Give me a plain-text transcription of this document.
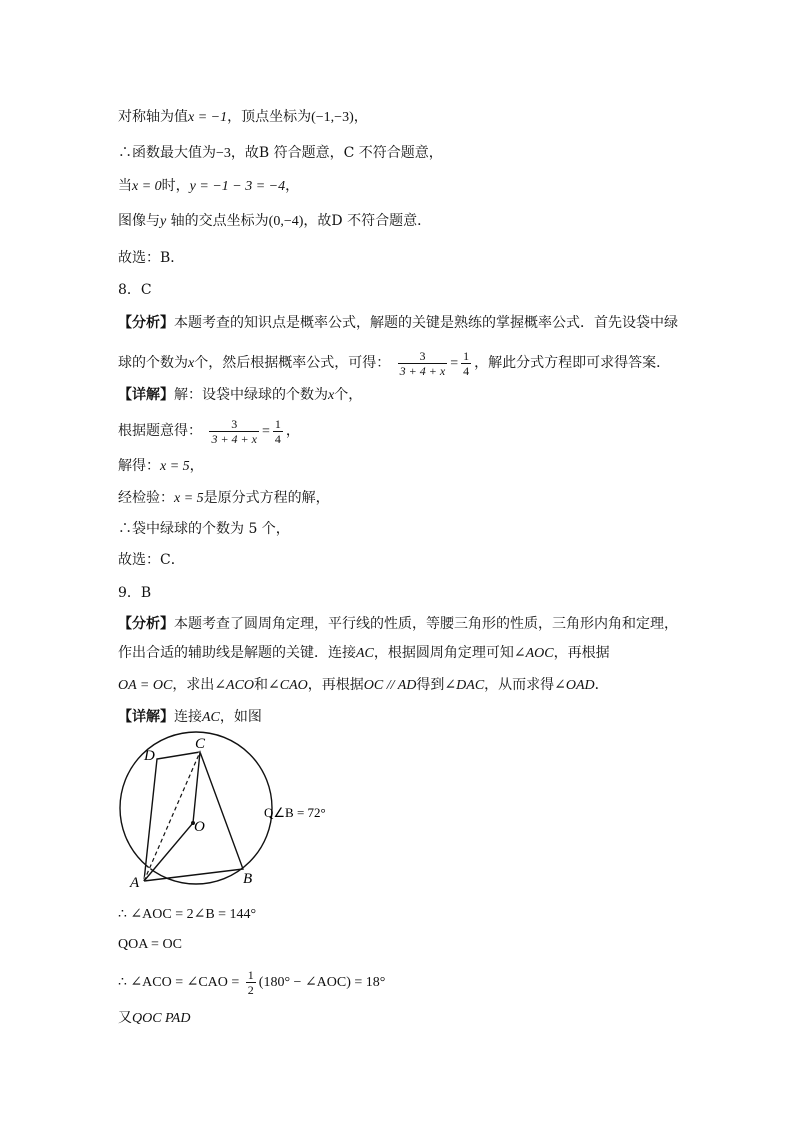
对称轴为值x = −1，顶点坐标为(−1,−3)，
∴函数最大值为−3，故B 符合题意，C 不符合题意，
当x = 0时，y = −1 − 3 = −4，
图像与y 轴的交点坐标为(0,−4)，故D 不符合题意．
故选：B．
8．C
【分析】本题考查的知识点是概率公式，解题的关键是熟练的掌握概率公式．首先设袋中绿
球的个数为x个，然后根据概率公式，可得： $\frac{3}{3 + 4 + x} = \frac{1}{4}$ ，解此分式方程即可求得答案．
【详解】解：设袋中绿球的个数为x个，
根据题意得： $\frac{3}{3 + 4 + x} = \frac{1}{4}$ ，
解得：x = 5，
经检验：x = 5是原分式方程的解，
∴袋中绿球的个数为 5 个，
故选：C．
9．B
【分析】本题考查了圆周角定理，平行线的性质，等腰三角形的性质，三角形内角和定理，
作出合适的辅助线是解题的关键．连接AC，根据圆周角定理可知∠AOC，再根据
OA = OC，求出∠ACO和∠CAO，再根据OC // AD得到∠DAC，从而求得∠OAD．
【详解】连接AC，如图
D
C
O
A	B
Q∠B = 72°
∴ ∠AOC = 2∠B = 144°
QOA = OC
∴ ∠ACO = ∠CAO = $\frac{1}{2} (180^\circ$ − ∠AOC) = 18°
又QOC PAD
